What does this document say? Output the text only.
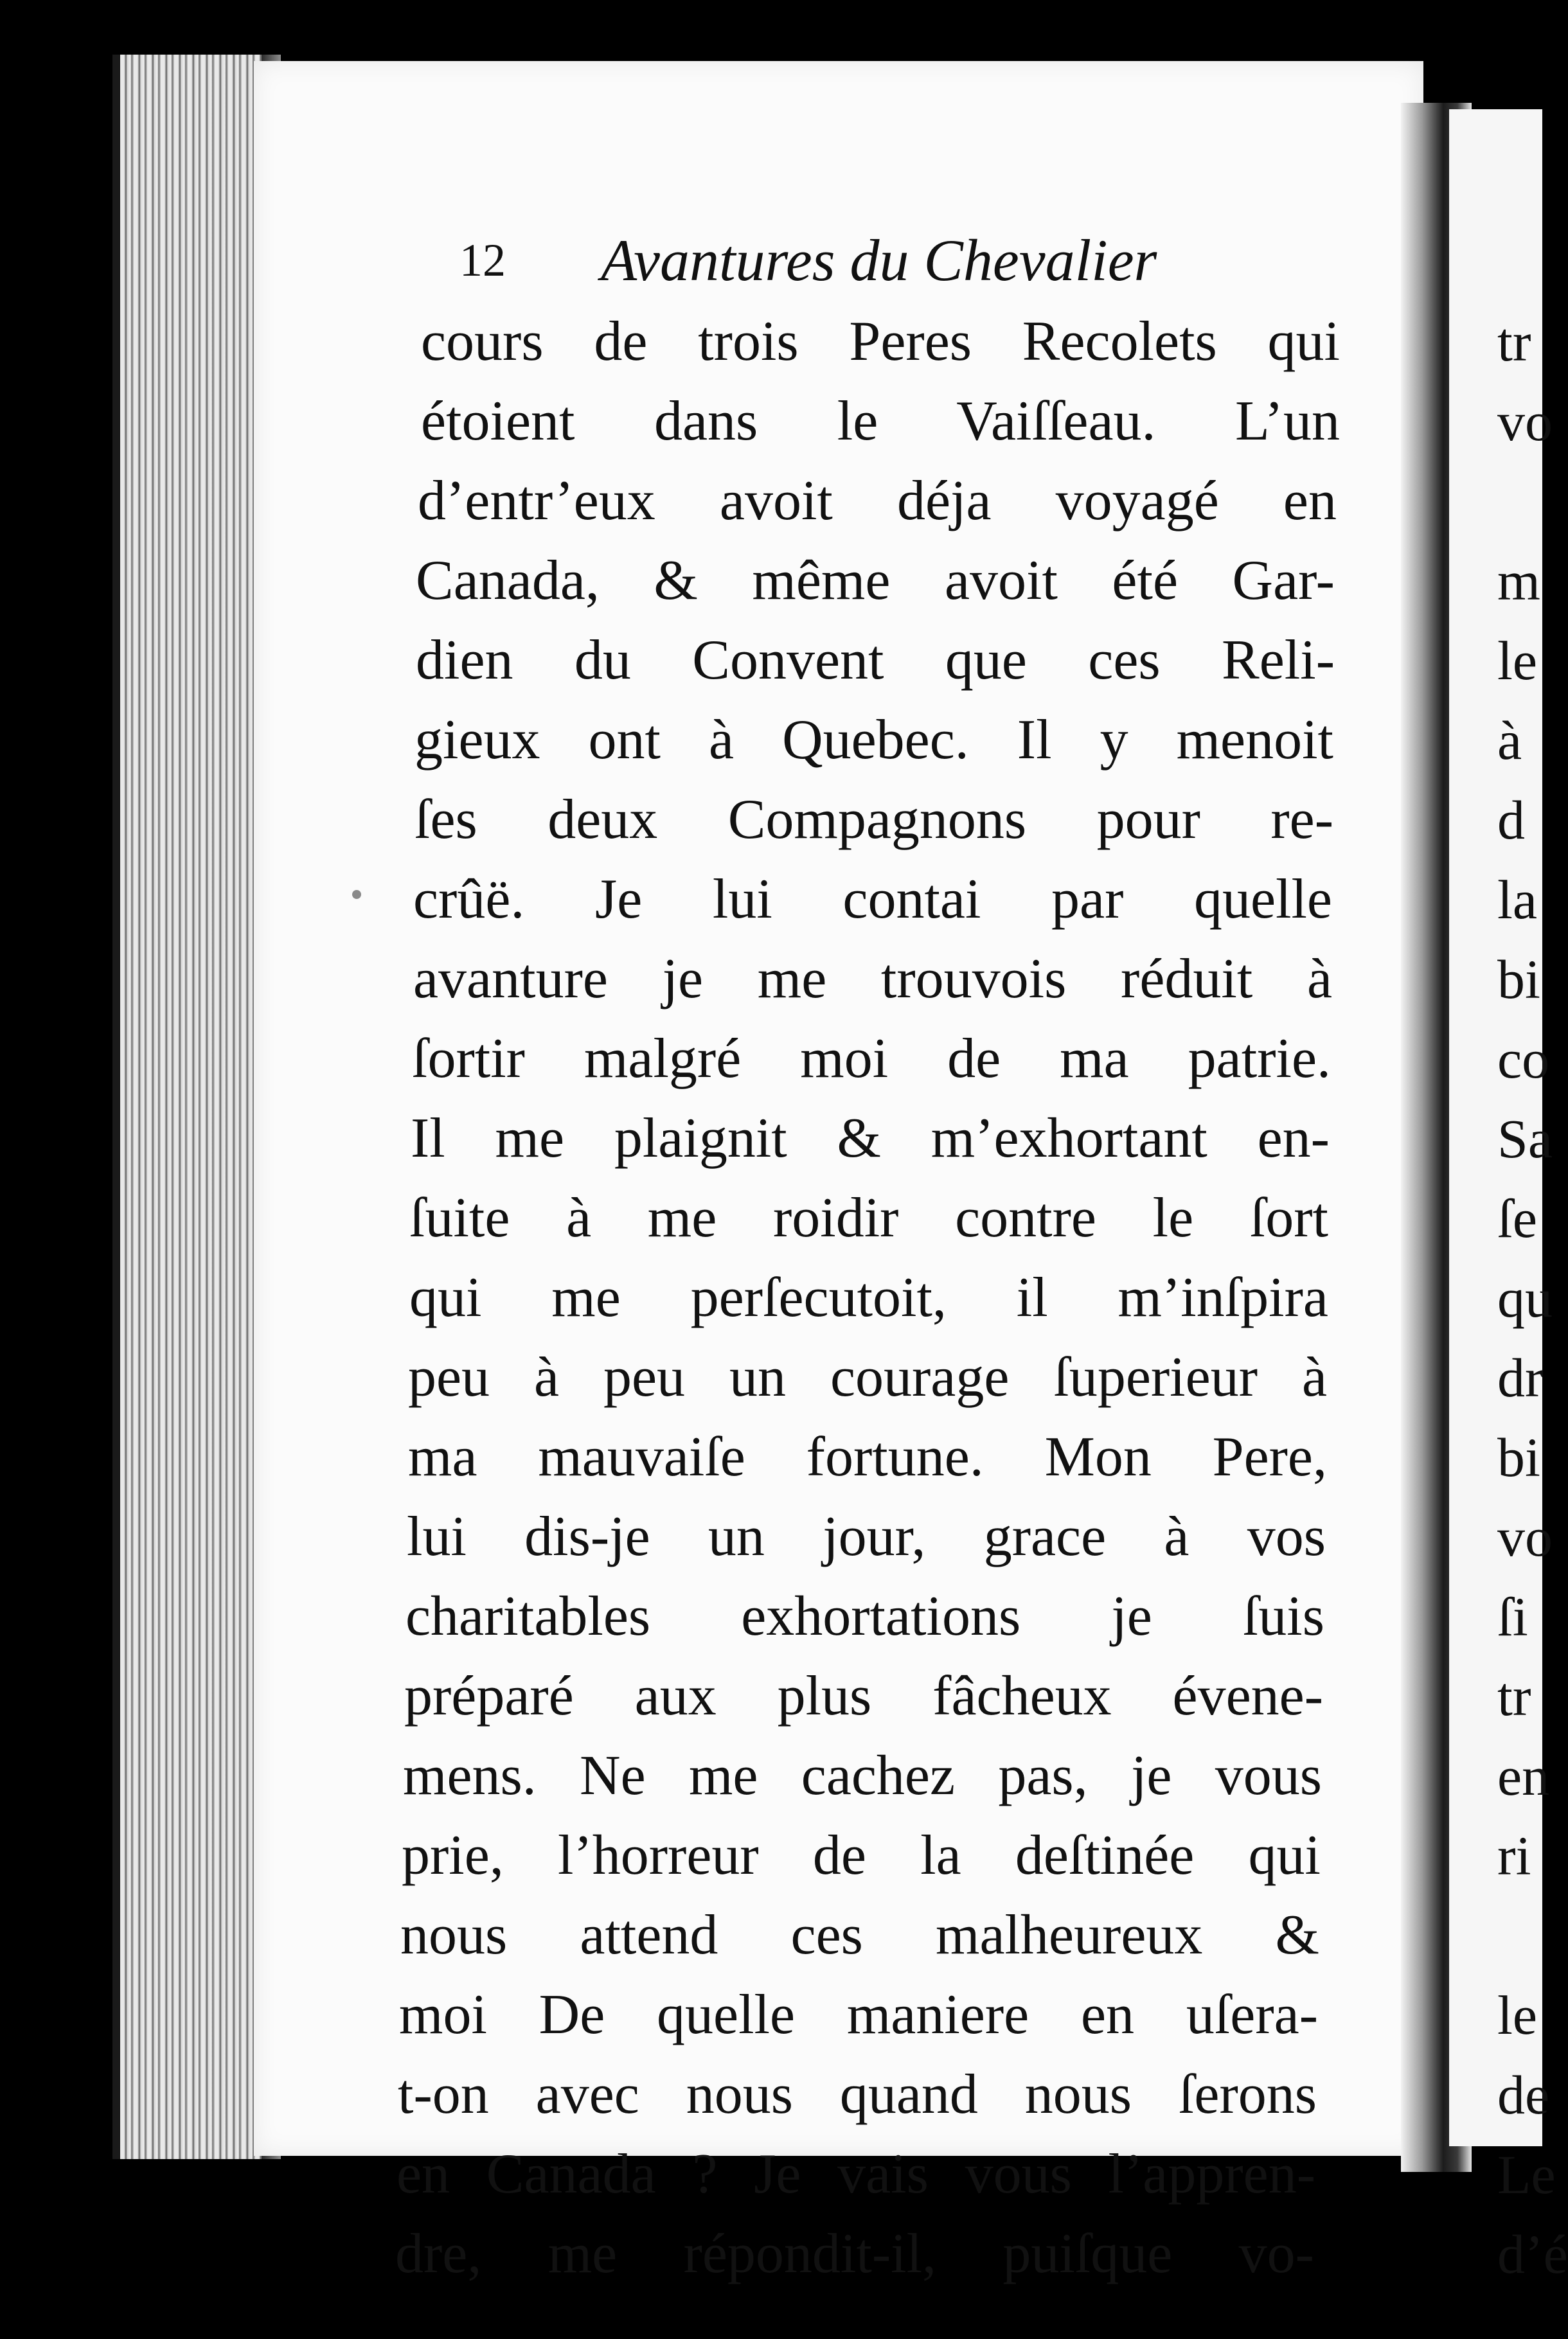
12 Avantures du Chevalier
cours de trois Peres Recolets qui
étoient dans le Vaiſſeau. L’un
d’entr’eux avoit déja voyagé en
Canada, & même avoit été Gar-
dien du Convent que ces Reli-
gieux ont à Quebec. Il y menoit
ſes deux Compagnons pour re-
crûë. Je lui contai par quelle
avanture je me trouvois réduit à
ſortir malgré moi de ma patrie.
Il me plaignit & m’exhortant en-
ſuite à me roidir contre le ſort
qui me perſecutoit, il m’inſpira
peu à peu un courage ſuperieur à
ma mauvaiſe fortune. Mon Pere,
lui dis-je un jour, grace à vos
charitables exhortations je ſuis
préparé aux plus fâcheux évene-
mens. Ne me cachez pas, je vous
prie, l’horreur de la deſtinée qui
nous attend ces malheureux &
moi De quelle maniere en uſera-
t-on avec nous quand nous ſerons
en Canada ? Je vais vous l’appren-
dre, me répondit-il, puiſque vo-
tr
vo
m
le
à
d
la
bi
co
Sa
ſe
qu
dr
bi
vo
ſi
tr
en
ri
le
de
Le
d’é
